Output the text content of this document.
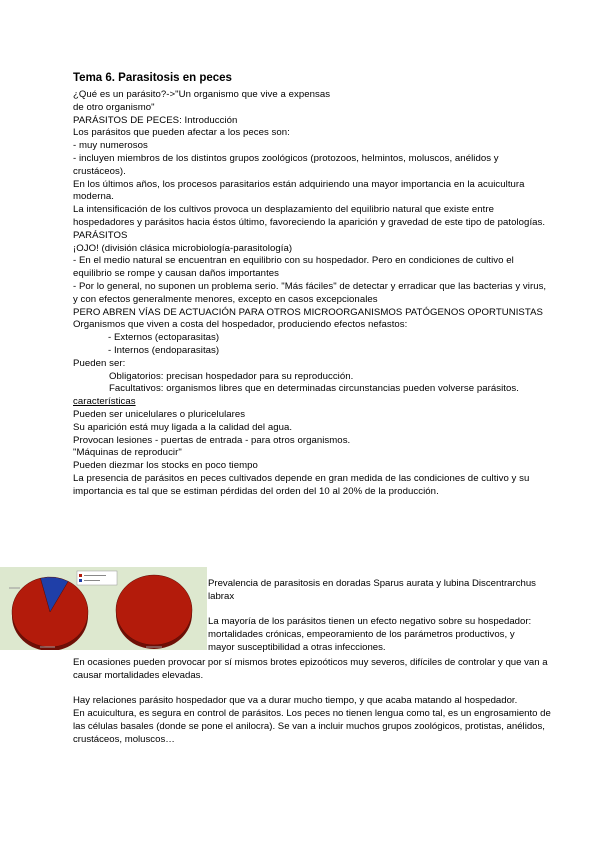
Tema 6. Parasitosis en peces

¿Qué es un parásito?->"Un organismo que vive a expensas

de otro organismo"

PARÁSITOS DE PECES: Introducción

Los parásitos que pueden afectar a los peces son:

- muy numerosos

- incluyen miembros de los distintos grupos zoológicos (protozoos, helmintos, moluscos, anélidos y crustáceos).

En los últimos años, los procesos parasitarios están adquiriendo una mayor importancia en la acuicultura moderna.

La intensificación de los cultivos provoca un desplazamiento del equilibrio natural que existe entre hospedadores y parásitos hacia éstos último, favoreciendo la aparición y gravedad de este tipo de patologías.

PARÁSITOS

¡OJO! (división clásica microbiología-parasitología)

- En el medio natural se encuentran en equilibrio con su hospedador. Pero en condiciones de cultivo el equilibrio se rompe y causan daños importantes

- Por lo general, no suponen un problema serio. "Más fáciles" de detectar y erradicar que las bacterias y virus, y con efectos generalmente menores, excepto en casos excepcionales

PERO ABREN VÍAS DE ACTUACIÓN PARA OTROS MICROORGANISMOS PATÓGENOS OPORTUNISTAS

Organismos que viven a costa del hospedador, produciendo efectos nefastos:

- Externos (ectoparasitas)

- Internos (endoparasitas)

Pueden ser:

Obligatorios: precisan hospedador para su reproducción.

Facultativos: organismos libres que en determinadas circunstancias pueden volverse parásitos.

características

Pueden ser unicelulares o pluricelulares

Su aparición está muy ligada a la calidad del agua.

Provocan lesiones - puertas de entrada - para otros organismos.

"Máquinas de reproducir"

Pueden diezmar los stocks en poco tiempo

La presencia de parásitos en peces cultivados depende en gran medida de las condiciones de cultivo y su importancia es tal que se estiman pérdidas del orden del 10 al 20% de la producción.

Prevalencia de parasitosis en doradas Sparus aurata y lubina Discentrarchus labrax

La mayoría de los parásitos tienen un efecto negativo sobre su hospedador: mortalidades crónicas, empeoramiento de los parámetros productivos, y mayor susceptibilidad a otras infecciones.

En ocasiones pueden provocar por sí mismos brotes epizoóticos muy severos, difíciles de controlar y que van a causar mortalidades elevadas.

Hay relaciones parásito hospedador que va a durar mucho tiempo, y que acaba matando al hospedador.

En acuicultura, es segura en control de parásitos. Los peces no tienen lengua como tal, es un engrosamiento de las células basales (donde se pone el anilocra). Se van a incluir muchos grupos zoológicos, protistas, anélidos, crustáceos, moluscos…
